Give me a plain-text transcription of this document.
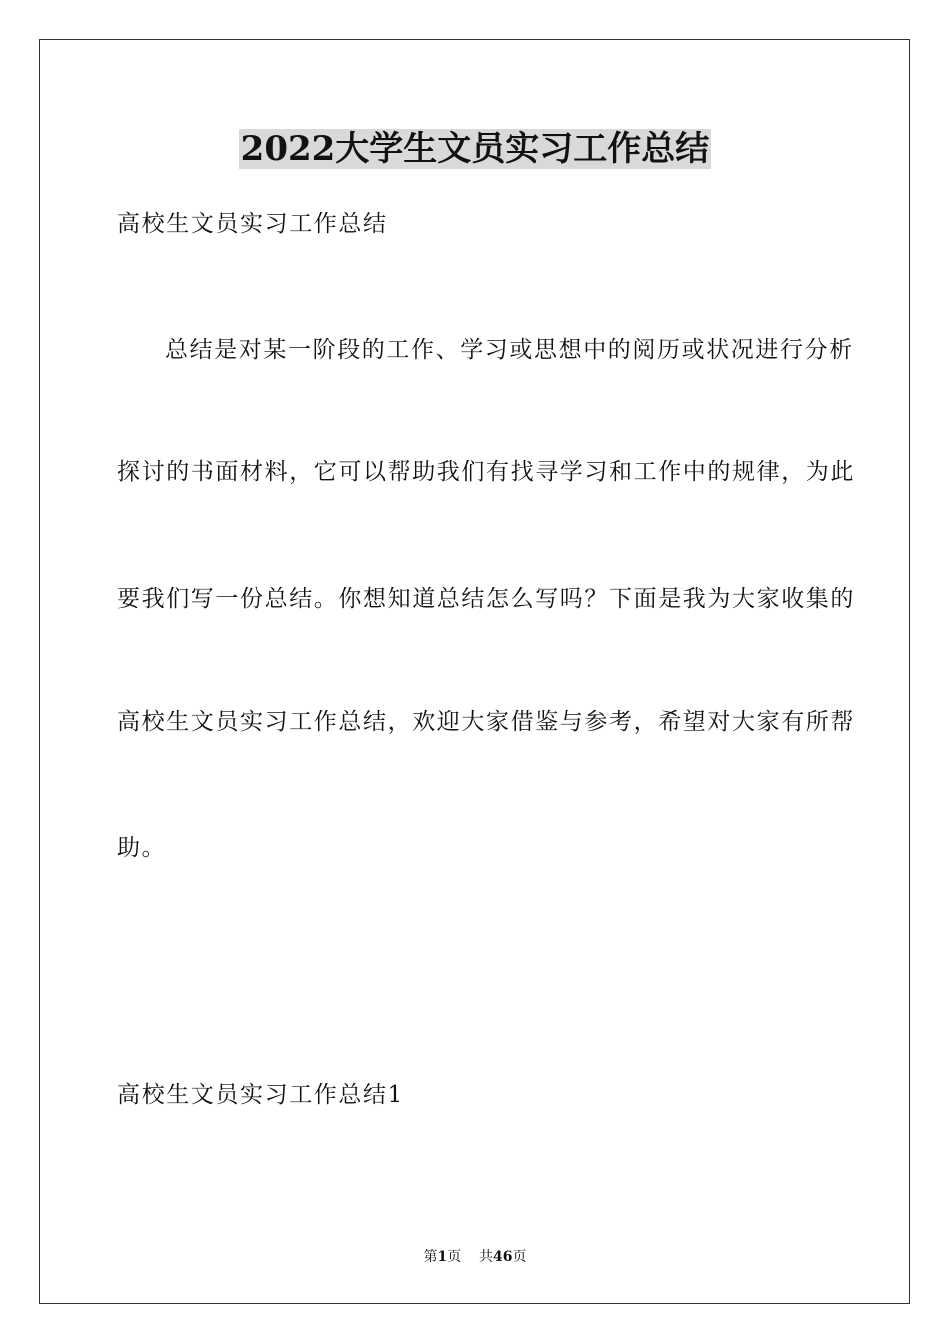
2022大学生文员实习工作总结
高校生文员实习工作总结
总结是对某一阶段的工作、学习或思想中的阅历或状况进行分析
探讨的书面材料，它可以帮助我们有找寻学习和工作中的规律，为此
要我们写一份总结。你想知道总结怎么写吗？下面是我为大家收集的
高校生文员实习工作总结，欢迎大家借鉴与参考，希望对大家有所帮
助。
高校生文员实习工作总结1
第1页 共46页
